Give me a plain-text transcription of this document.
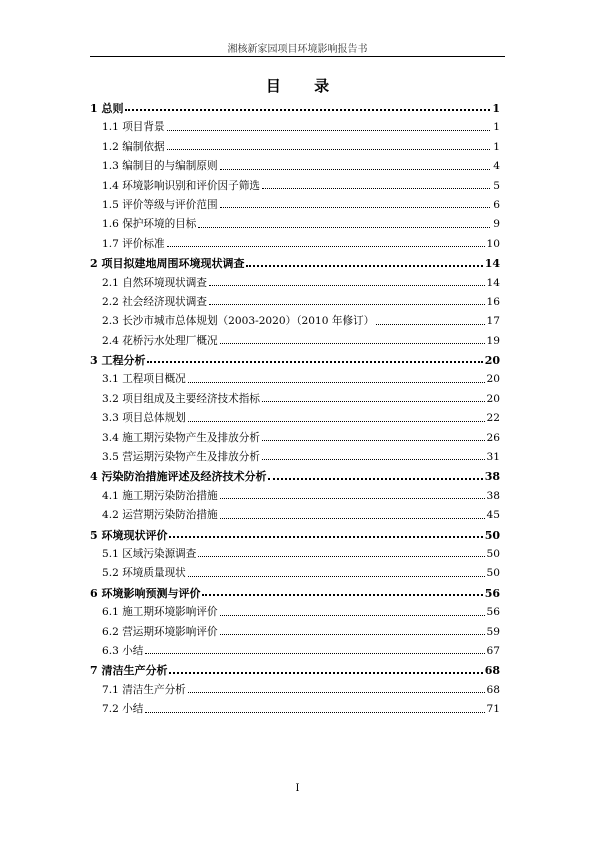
湘核新家园项目环境影响报告书
目 录
1 总则	1
1.1 项目背景	1
1.2 编制依据	1
1.3 编制目的与编制原则	4
1.4 环境影响识别和评价因子筛选	5
1.5 评价等级与评价范围	6
1.6 保护环境的目标	9
1.7 评价标准	10
2 项目拟建地周围环境现状调查	14
2.1 自然环境现状调查	14
2.2 社会经济现状调查	16
2.3 长沙市城市总体规划（2003-2020）（2010 年修订）	17
2.4 花桥污水处理厂概况	19
3 工程分析	20
3.1 工程项目概况	20
3.2 项目组成及主要经济技术指标	20
3.3 项目总体规划	22
3.4 施工期污染物产生及排放分析	26
3.5 营运期污染物产生及排放分析	31
4 污染防治措施评述及经济技术分析	38
4.1 施工期污染防治措施	38
4.2 运营期污染防治措施	45
5 环境现状评价	50
5.1 区域污染源调查	50
5.2 环境质量现状	50
6 环境影响预测与评价	56
6.1 施工期环境影响评价	56
6.2 营运期环境影响评价	59
6.3 小结	67
7 清洁生产分析	68
7.1 清洁生产分析	68
7.2 小结	71
I
